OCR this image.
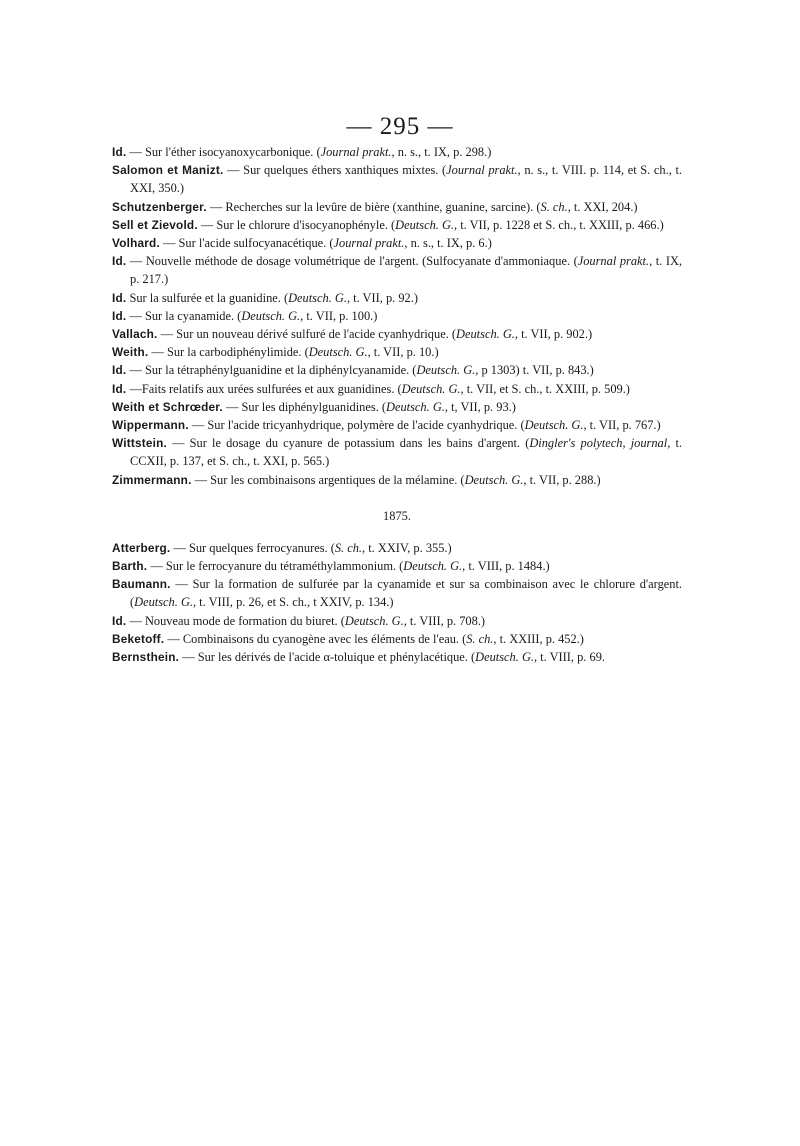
— 295 —

Id. — Sur l'éther isocyanoxycarbonique. (Journal prakt., n. s., t. IX, p. 298.)

Salomon et Manizt. — Sur quelques éthers xanthiques mixtes. (Journal prakt., n. s., t. VIII. p. 114, et S. ch., t. XXI, 350.)

Schutzenberger. — Recherches sur la levûre de bière (xanthine, guanine, sarcine). (S. ch., t. XXI, 204.)

Sell et Zievold. — Sur le chlorure d'isocyanophényle. (Deutsch. G., t. VII, p. 1228 et S. ch., t. XXIII, p. 466.)

Volhard. — Sur l'acide sulfocyanacétique. (Journal prakt., n. s., t. IX, p. 6.)

Id. — Nouvelle méthode de dosage volumétrique de l'argent. (Sulfocyanate d'ammoniaque. (Journal prakt., t. IX, p. 217.)

Id. Sur la sulfurée et la guanidine. (Deutsch. G., t. VII, p. 92.)

Id. — Sur la cyanamide. (Deutsch. G., t. VII, p. 100.)

Vallach. — Sur un nouveau dérivé sulfuré de l'acide cyanhydrique. (Deutsch. G., t. VII, p. 902.)

Weith. — Sur la carbodiphénylimide. (Deutsch. G., t. VII, p. 10.)

Id. — Sur la tétraphénylguanidine et la diphénylcyanamide. (Deutsch. G., p 1303) t. VII, p. 843.)

Id. —Faits relatifs aux urées sulfurées et aux guanidines. (Deutsch. G., t. VII, et S. ch., t. XXIII, p. 509.)

Weith et Schrœder. — Sur les diphénylguanidines. (Deutsch. G., t, VII, p. 93.)

Wippermann. — Sur l'acide tricyanhydrique, polymère de l'acide cyanhydrique. (Deutsch. G., t. VII, p. 767.)

Wittstein. — Sur le dosage du cyanure de potassium dans les bains d'argent. (Dingler's polytech, journal, t. CCXII, p. 137, et S. ch., t. XXI, p. 565.)

Zimmermann. — Sur les combinaisons argentiques de la mélamine. (Deutsch. G., t. VII, p. 288.)

1875.

Atterberg. — Sur quelques ferrocyanures. (S. ch., t. XXIV, p. 355.)

Barth. — Sur le ferrocyanure du tétraméthylammonium. (Deutsch. G., t. VIII, p. 1484.)

Baumann. — Sur la formation de sulfurée par la cyanamide et sur sa combinaison avec le chlorure d'argent. (Deutsch. G., t. VIII, p. 26, et S. ch., t XXIV, p. 134.)

Id. — Nouveau mode de formation du biuret. (Deutsch. G., t. VIII, p. 708.)

Beketoff. — Combinaisons du cyanogène avec les éléments de l'eau. (S. ch., t. XXIII, p. 452.)

Bernsthein. — Sur les dérivés de l'acide α-toluique et phénylacétique. (Deutsch. G., t. VIII, p. 69.
